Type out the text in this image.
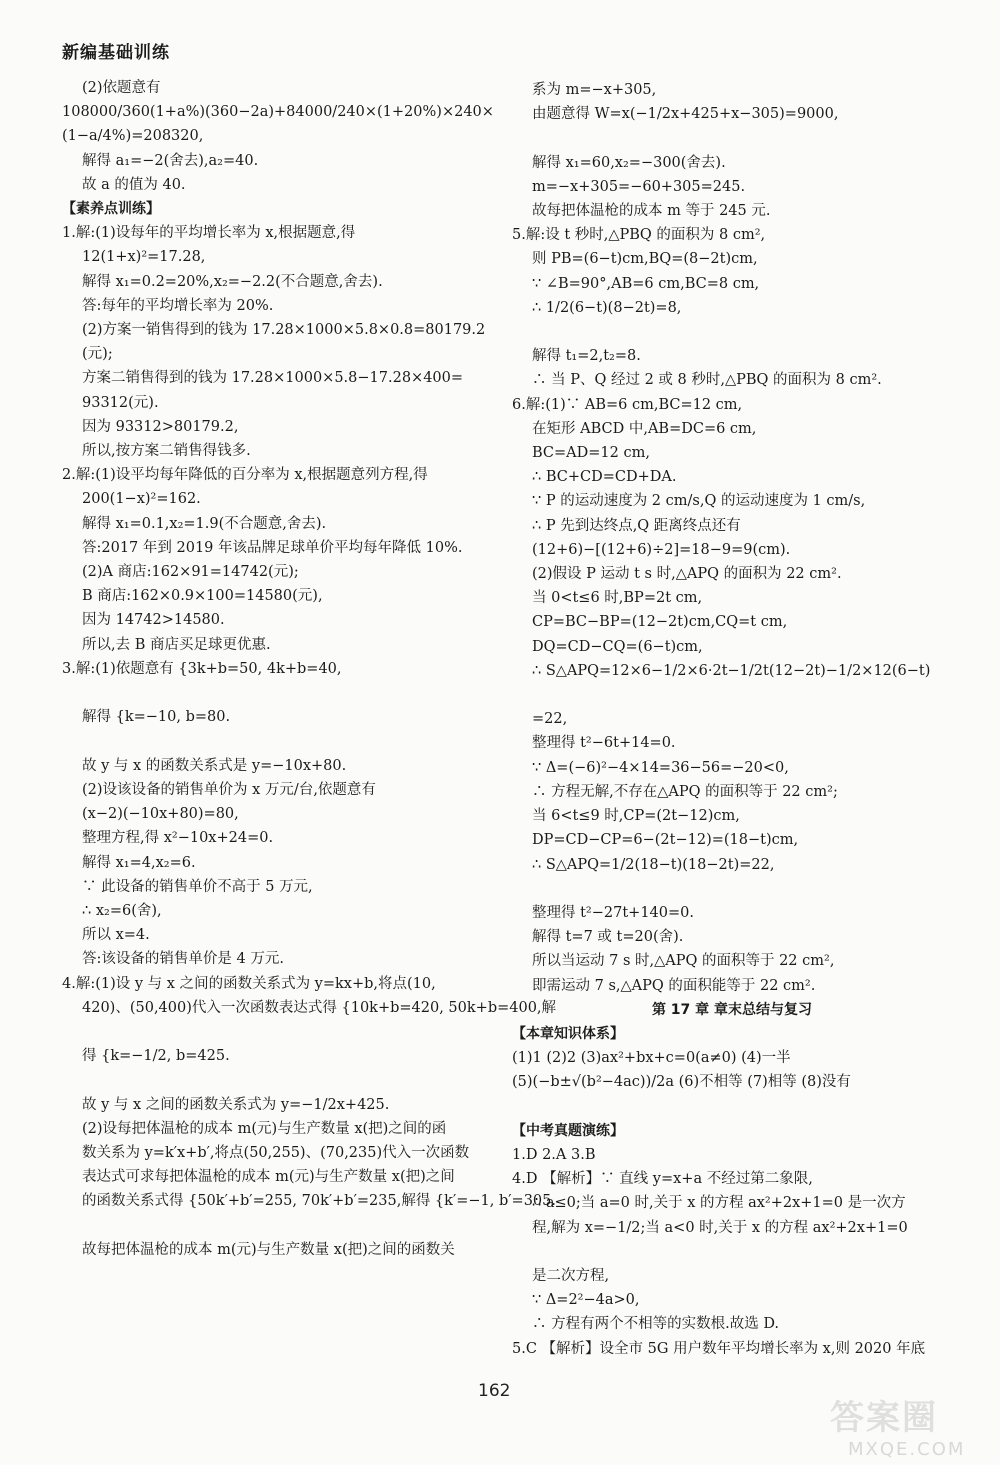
新编基础训练
(2)依题意有
108000/360(1+a%)(360−2a)+84000/240×(1+20%)×240×
(1−a/4%)=208320,
解得 a₁=−2(舍去),a₂=40.
故 a 的值为 40.
【素养点训练】
1.解:(1)设每年的平均增长率为 x,根据题意,得
12(1+x)²=17.28,
解得 x₁=0.2=20%,x₂=−2.2(不合题意,舍去).
答:每年的平均增长率为 20%.
(2)方案一销售得到的钱为 17.28×1000×5.8×0.8=80179.2
(元);
方案二销售得到的钱为 17.28×1000×5.8−17.28×400=
93312(元).
因为 93312>80179.2,
所以,按方案二销售得钱多.
2.解:(1)设平均每年降低的百分率为 x,根据题意列方程,得
200(1−x)²=162.
解得 x₁=0.1,x₂=1.9(不合题意,舍去).
答:2017 年到 2019 年该品牌足球单价平均每年降低 10%.
(2)A 商店:162×91=14742(元);
B 商店:162×0.9×100=14580(元),
因为 14742>14580.
所以,去 B 商店买足球更优惠.
3.解:(1)依题意有 {3k+b=50, 4k+b=40,

解得 {k=−10, b=80.

故 y 与 x 的函数关系式是 y=−10x+80.
(2)设该设备的销售单价为 x 万元/台,依题意有
(x−2)(−10x+80)=80,
整理方程,得 x²−10x+24=0.
解得 x₁=4,x₂=6.
∵ 此设备的销售单价不高于 5 万元,
∴ x₂=6(舍),
所以 x=4.
答:该设备的销售单价是 4 万元.
4.解:(1)设 y 与 x 之间的函数关系式为 y=kx+b,将点(10,
420)、(50,400)代入一次函数表达式得 {10k+b=420, 50k+b=400,解

得 {k=−1/2, b=425.

故 y 与 x 之间的函数关系式为 y=−1/2x+425.
(2)设每把体温枪的成本 m(元)与生产数量 x(把)之间的函
数关系为 y=k′x+b′,将点(50,255)、(70,235)代入一次函数
表达式可求每把体温枪的成本 m(元)与生产数量 x(把)之间
的函数关系式得 {50k′+b′=255, 70k′+b′=235,解得 {k′=−1, b′=305.

故每把体温枪的成本 m(元)与生产数量 x(把)之间的函数关
系为 m=−x+305,
由题意得 W=x(−1/2x+425+x−305)=9000,

解得 x₁=60,x₂=−300(舍去).
m=−x+305=−60+305=245.
故每把体温枪的成本 m 等于 245 元.
5.解:设 t 秒时,△PBQ 的面积为 8 cm²,
则 PB=(6−t)cm,BQ=(8−2t)cm,
∵ ∠B=90°,AB=6 cm,BC=8 cm,
∴ 1/2(6−t)(8−2t)=8,

解得 t₁=2,t₂=8.
∴ 当 P、Q 经过 2 或 8 秒时,△PBQ 的面积为 8 cm².
6.解:(1)∵ AB=6 cm,BC=12 cm,
在矩形 ABCD 中,AB=DC=6 cm,
BC=AD=12 cm,
∴ BC+CD=CD+DA.
∵ P 的运动速度为 2 cm/s,Q 的运动速度为 1 cm/s,
∴ P 先到达终点,Q 距离终点还有
(12+6)−[(12+6)÷2]=18−9=9(cm).
(2)假设 P 运动 t s 时,△APQ 的面积为 22 cm².
当 0<t≤6 时,BP=2t cm,
CP=BC−BP=(12−2t)cm,CQ=t cm,
DQ=CD−CQ=(6−t)cm,
∴ S△APQ=12×6−1/2×6·2t−1/2t(12−2t)−1/2×12(6−t)

=22,
整理得 t²−6t+14=0.
∵ Δ=(−6)²−4×14=36−56=−20<0,
∴ 方程无解,不存在△APQ 的面积等于 22 cm²;
当 6<t≤9 时,CP=(2t−12)cm,
DP=CD−CP=6−(2t−12)=(18−t)cm,
∴ S△APQ=1/2(18−t)(18−2t)=22,

整理得 t²−27t+140=0.
解得 t=7 或 t=20(舍).
所以当运动 7 s 时,△APQ 的面积等于 22 cm²,
即需运动 7 s,△APQ 的面积能等于 22 cm².
第 17 章 章末总结与复习
【本章知识体系】
(1)1 (2)2 (3)ax²+bx+c=0(a≠0) (4)一半
(5)(−b±√(b²−4ac))/2a (6)不相等 (7)相等 (8)没有

【中考真题演练】
1.D 2.A 3.B
4.D 【解析】∵ 直线 y=x+a 不经过第二象限,
∴ a≤0;当 a=0 时,关于 x 的方程 ax²+2x+1=0 是一次方
程,解为 x=−1/2;当 a<0 时,关于 x 的方程 ax²+2x+1=0

是二次方程,
∵ Δ=2²−4a>0,
∴ 方程有两个不相等的实数根.故选 D.
5.C 【解析】设全市 5G 用户数年平均增长率为 x,则 2020 年底
162
答案圈
MXQE.COM
